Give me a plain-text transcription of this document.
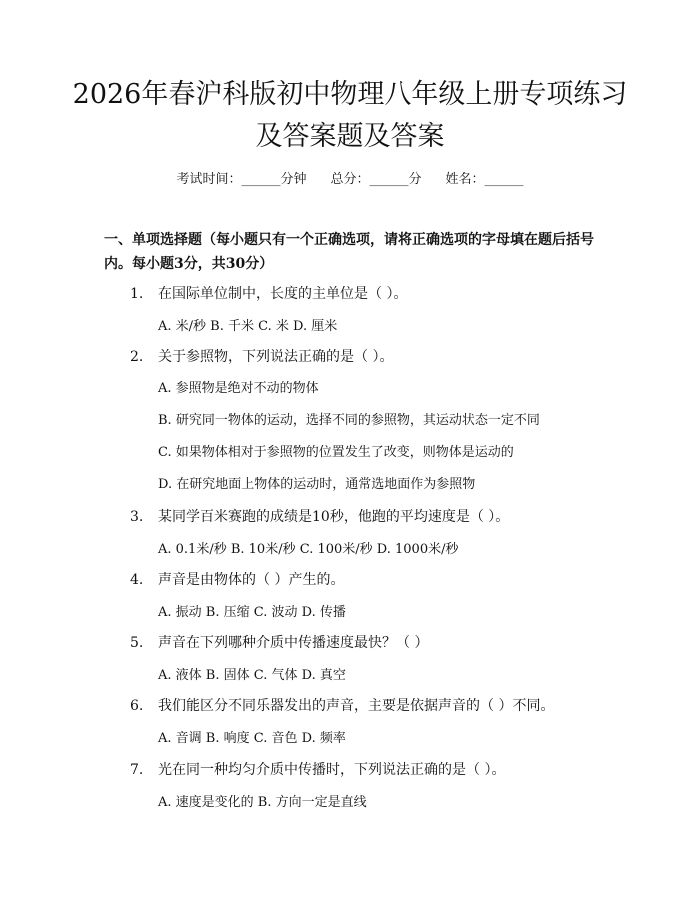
2026年春沪科版初中物理八年级上册专项练习及答案题及答案
考试时间：______分钟 总分：______分 姓名：______

一、单项选择题（每小题只有一个正确选项，请将正确选项的字母填在题后括号内。每小题3分，共30分）

1. 在国际单位制中，长度的主单位是（ ）。
A. 米/秒 B. 千米 C. 米 D. 厘米
2. 关于参照物，下列说法正确的是（ ）。
A. 参照物是绝对不动的物体
B. 研究同一物体的运动，选择不同的参照物，其运动状态一定不同
C. 如果物体相对于参照物的位置发生了改变，则物体是运动的
D. 在研究地面上物体的运动时，通常选地面作为参照物
3. 某同学百米赛跑的成绩是10秒，他跑的平均速度是（ ）。
A. 0.1米/秒 B. 10米/秒 C. 100米/秒 D. 1000米/秒
4. 声音是由物体的（ ）产生的。
A. 振动 B. 压缩 C. 波动 D. 传播
5. 声音在下列哪种介质中传播速度最快？（ ）
A. 液体 B. 固体 C. 气体 D. 真空
6. 我们能区分不同乐器发出的声音，主要是依据声音的（ ）不同。
A. 音调 B. 响度 C. 音色 D. 频率
7. 光在同一种均匀介质中传播时，下列说法正确的是（ ）。
A. 速度是变化的 B. 方向一定是直线
